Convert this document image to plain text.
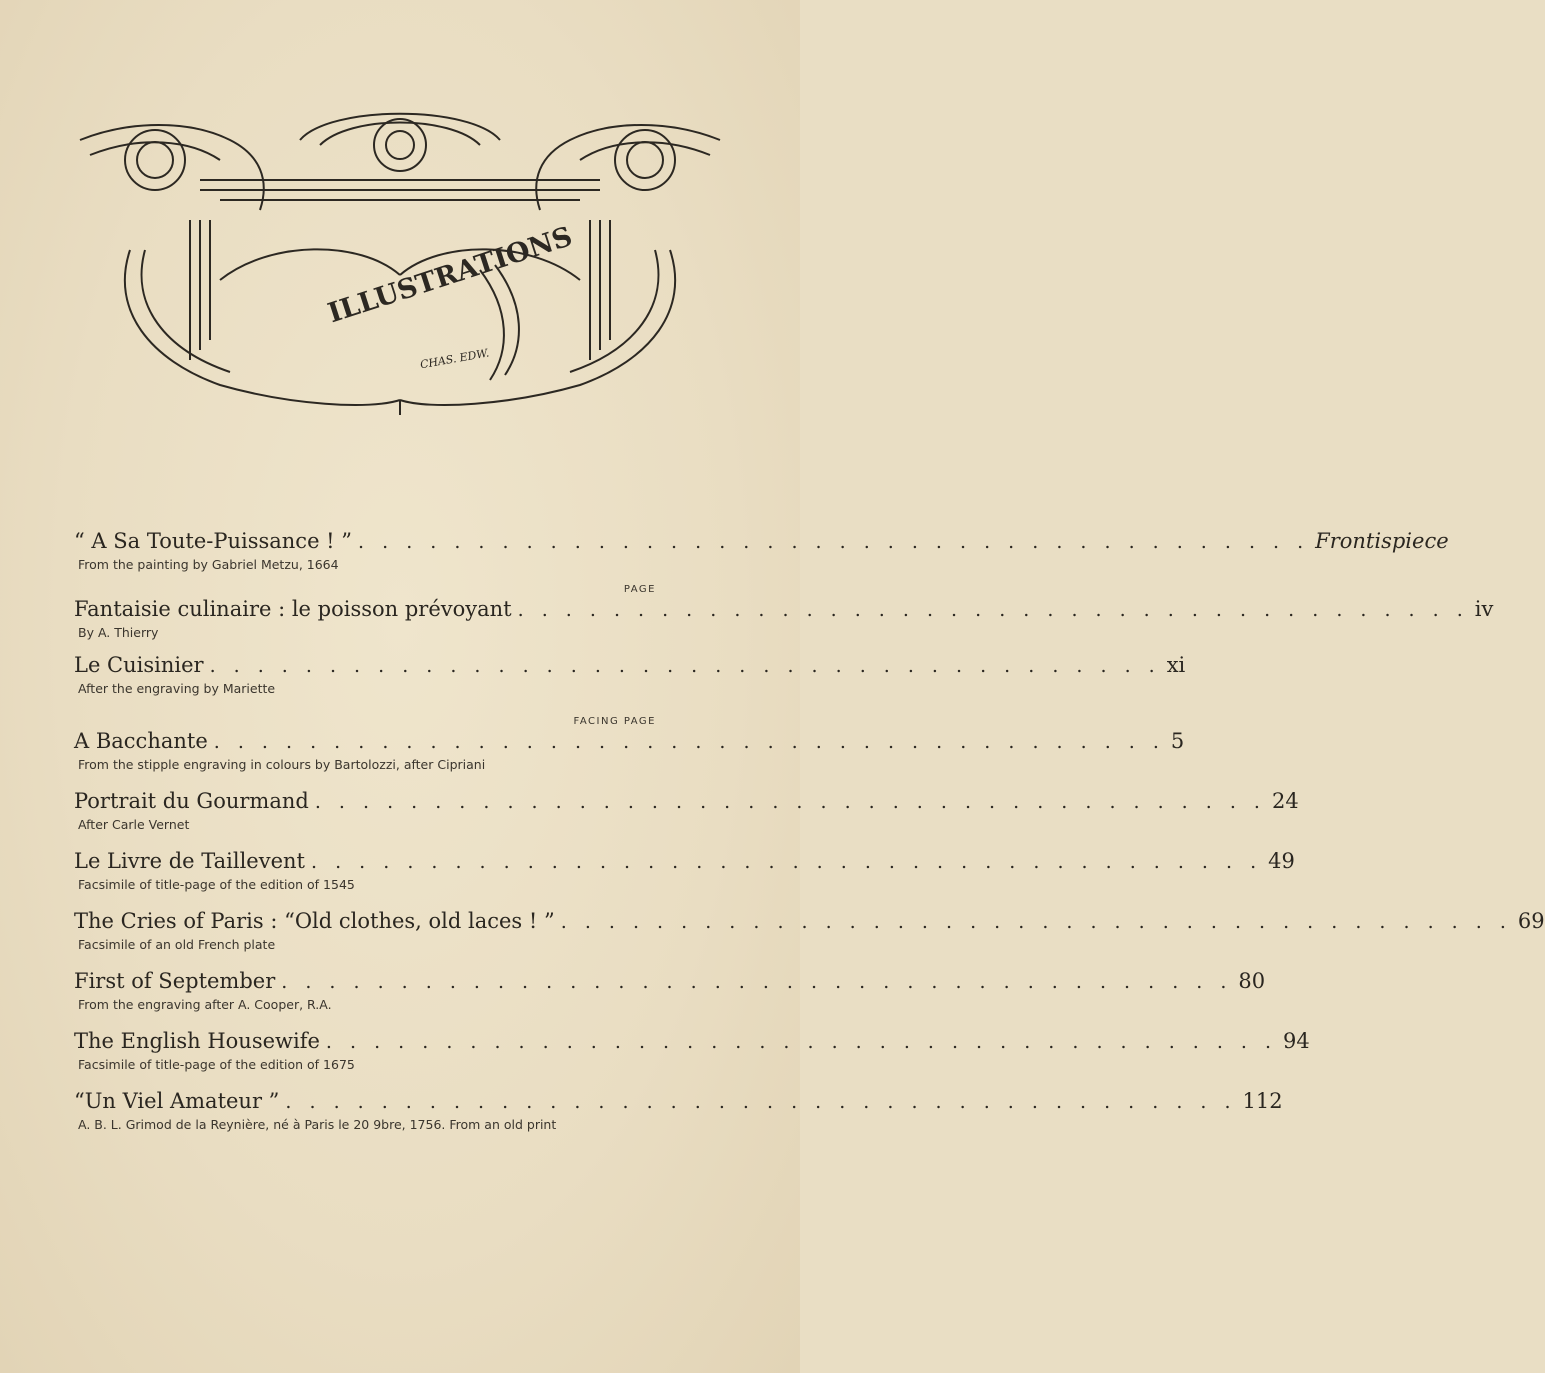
ILLUSTRATIONS
CHAS. EDW.
“ A Sa Toute-Puissance ! ” . . . . . . . . . . . . . . . . . . . . . . . . . . . . . . . . . . . . . . . . Frontispiece
From the painting by Gabriel Metzu, 1664
PAGE
Fantaisie culinaire : le poisson prévoyant . . . . . . . . . . . . . . . . . . . . . . . . . . . . . . . . . . . . . . . . iv
By A. Thierry
Le Cuisinier . . . . . . . . . . . . . . . . . . . . . . . . . . . . . . . . . . . . . . . . xi
After the engraving by Mariette
FACING PAGE
A Bacchante . . . . . . . . . . . . . . . . . . . . . . . . . . . . . . . . . . . . . . . . 5
From the stipple engraving in colours by Bartolozzi, after Cipriani
Portrait du Gourmand . . . . . . . . . . . . . . . . . . . . . . . . . . . . . . . . . . . . . . . . 24
After Carle Vernet
Le Livre de Taillevent . . . . . . . . . . . . . . . . . . . . . . . . . . . . . . . . . . . . . . . . 49
Facsimile of title-page of the edition of 1545
The Cries of Paris : “Old clothes, old laces ! ” . . . . . . . . . . . . . . . . . . . . . . . . . . . . . . . . . . . . . . . . 69
Facsimile of an old French plate
First of September . . . . . . . . . . . . . . . . . . . . . . . . . . . . . . . . . . . . . . . . 80
From the engraving after A. Cooper, R.A.
The English Housewife . . . . . . . . . . . . . . . . . . . . . . . . . . . . . . . . . . . . . . . . 94
Facsimile of title-page of the edition of 1675
“Un Viel Amateur ” . . . . . . . . . . . . . . . . . . . . . . . . . . . . . . . . . . . . . . . . 112
A. B. L. Grimod de la Reynière, né à Paris le 20 9bre, 1756. From an old print
